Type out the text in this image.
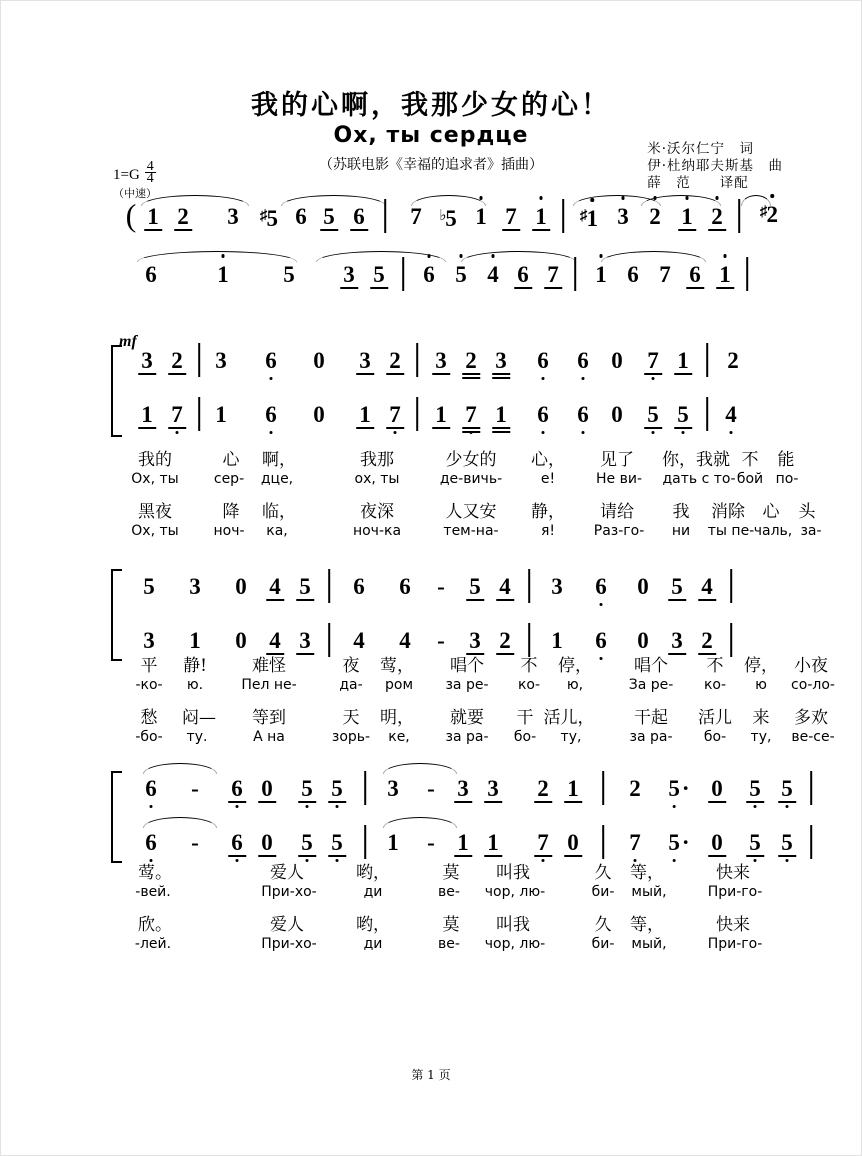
我的心啊，我那少女的心！
Ох, ты сердце
（苏联电影《幸福的追求者》插曲）
米·沃尔仁宁　词
伊·杜纳耶夫斯基　曲
薛　范　　译配
$1=G \frac{4}{4}$
（中速）
( 1 2 3 ♯5 6 5 6 7 ♭5 1 7 1 ♯1 3 2 1 2 ♯2
6	1 5 3 5 6 5 4 6 7 1 6 7 6 1
mf
3 2 3 6 0 3 2 3 2 3 6 6 0 7 1
1 7 1 6 0 1 7 1 7 1 6 6 0 5 5 4
2
我的	心 啊，	我那	少女的 心， 见了 你，我就 不 能
Ох, ты	сер- дце,	ох, ты	де-вичь-	е!	Не ви- дать с то- бой по-
黑夜	降 临，	夜深	人又安 静， 请给 我 消除 心 头
Ох, ты ноч- ка,	ноч-ка	тем-на-	я!	Раз-го- ни ты пе- чаль, за-
5 3 0 4 5 6 6 - 5 4 3 6 0 5 4
3 1 0 4 3 4 4 - 3 2 1 6 0 3 2
平 静!	难怪	夜 莺， 唱个 不 停， 唱个 不 停， 小夜
-ко- ю.	Пел не-	да- ром за ре- ко- ю,	За ре- ко- ю со-ло-
愁 闷— 等到	天 明， 就要 干 活儿， 干起 活儿 来 多欢
-бо- ту.	А на	зорь- ке,	за ра- бо- ту,	за ра- бо- ту, ве-се-
6 - 6 0 5 5 3 - 3 3 2 1 2 5
· 0 5 5
6 - 6 0 5 5 1 - 1 1 7 0 7 5
· 0 5 5
莺。	爱人	哟，	莫 叫我	久 等，	快来
-вей.	При-хо-	ди	ве- чор, лю-	би- мый,	При-го-
欣。	爱人	哟，	莫 叫我	久 等，	快来
-лей.	При-хо-	ди	ве- чор, лю-	би- мый,	При-го-
第 1 页
